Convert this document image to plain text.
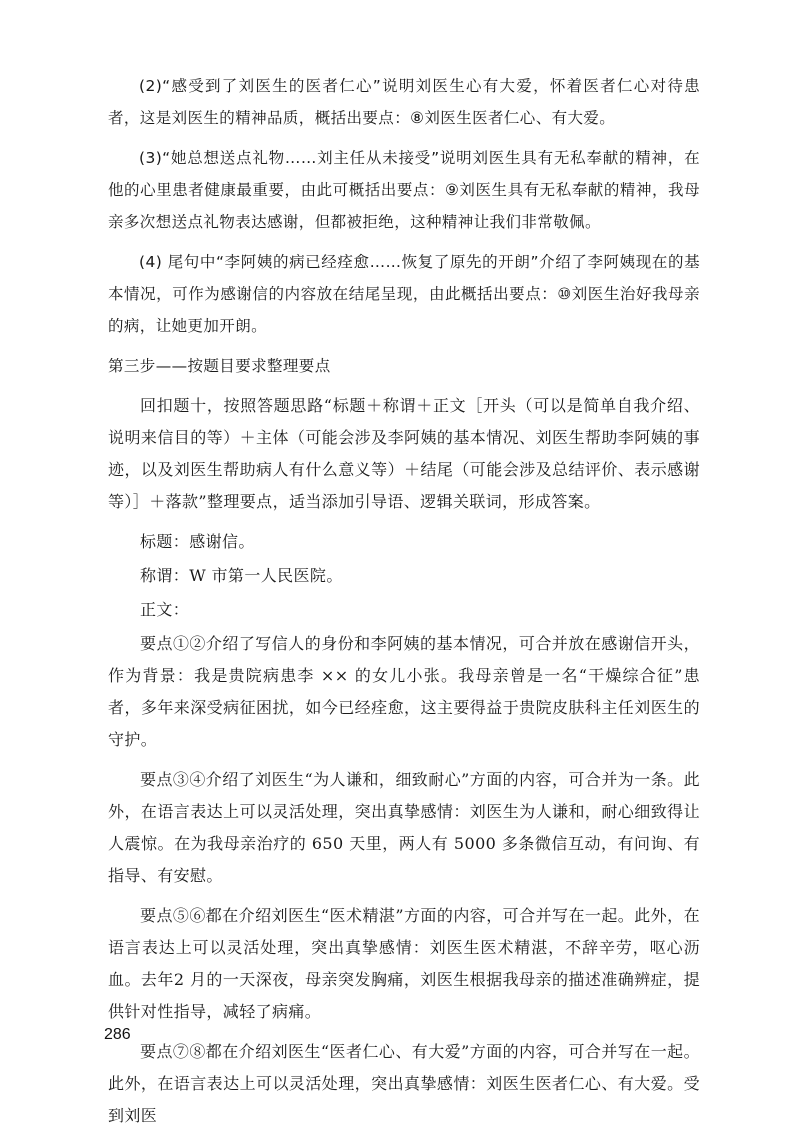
(2)“感受到了刘医生的医者仁心”说明刘医生心有大爱，怀着医者仁心对待患者，这是刘医生的精神品质，概括出要点：⑧刘医生医者仁心、有大爱。

(3)“她总想送点礼物……刘主任从未接受”说明刘医生具有无私奉献的精神，在他的心里患者健康最重要，由此可概括出要点：⑨刘医生具有无私奉献的精神，我母亲多次想送点礼物表达感谢，但都被拒绝，这种精神让我们非常敬佩。

(4) 尾句中“李阿姨的病已经痊愈……恢复了原先的开朗”介绍了李阿姨现在的基本情况，可作为感谢信的内容放在结尾呈现，由此概括出要点：⑩刘医生治好我母亲的病，让她更加开朗。

第三步——按题目要求整理要点

回扣题十，按照答题思路“标题＋称谓＋正文［开头（可以是简单自我介绍、说明来信目的等）＋主体（可能会涉及李阿姨的基本情况、刘医生帮助李阿姨的事迹，以及刘医生帮助病人有什么意义等）＋结尾（可能会涉及总结评价、表示感谢等）］＋落款”整理要点，适当添加引导语、逻辑关联词，形成答案。

标题：感谢信。

称谓：W 市第一人民医院。

正文：

要点①②介绍了写信人的身份和李阿姨的基本情况，可合并放在感谢信开头，作为背景：我是贵院病患李 ×× 的女儿小张。我母亲曾是一名“干燥综合征”患者，多年来深受病征困扰，如今已经痊愈，这主要得益于贵院皮肤科主任刘医生的守护。

要点③④介绍了刘医生“为人谦和，细致耐心”方面的内容，可合并为一条。此外，在语言表达上可以灵活处理，突出真挚感情：刘医生为人谦和，耐心细致得让人震惊。在为我母亲治疗的 650 天里，两人有 5000 多条微信互动，有问询、有指导、有安慰。

要点⑤⑥都在介绍刘医生“医术精湛”方面的内容，可合并写在一起。此外，在语言表达上可以灵活处理，突出真挚感情：刘医生医术精湛，不辞辛劳，呕心沥血。去年2 月的一天深夜，母亲突发胸痛，刘医生根据我母亲的描述准确辨症，提供针对性指导，减轻了病痛。

要点⑦⑧都在介绍刘医生“医者仁心、有大爱”方面的内容，可合并写在一起。此外，在语言表达上可以灵活处理，突出真挚感情：刘医生医者仁心、有大爱。受到刘医

286
